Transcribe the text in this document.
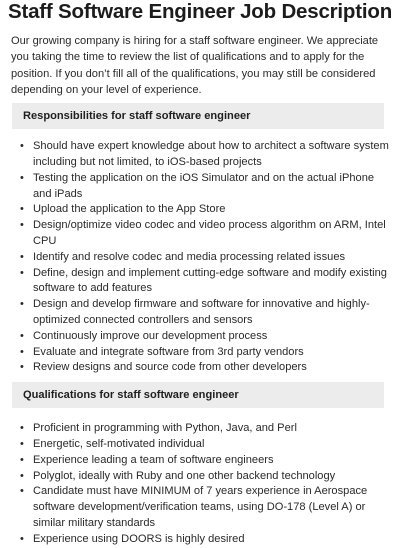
Staff Software Engineer Job Description

Our growing company is hiring for a staff software engineer. We appreciate you taking the time to review the list of qualifications and to apply for the position. If you don’t fill all of the qualifications, you may still be considered depending on your level of experience.

Responsibilities for staff software engineer
• Should have expert knowledge about how to architect a software system including but not limited, to iOS-based projects
• Testing the application on the iOS Simulator and on the actual iPhone and iPads
• Upload the application to the App Store
• Design/optimize video codec and video process algorithm on ARM, Intel CPU
• Identify and resolve codec and media processing related issues
• Define, design and implement cutting-edge software and modify existing software to add features
• Design and develop firmware and software for innovative and highly-optimized connected controllers and sensors
• Continuously improve our development process
• Evaluate and integrate software from 3rd party vendors
• Review designs and source code from other developers
Qualifications for staff software engineer
• Proficient in programming with Python, Java, and Perl
• Energetic, self-motivated individual
• Experience leading a team of software engineers
• Polyglot, ideally with Ruby and one other backend technology
• Candidate must have MINIMUM of 7 years experience in Aerospace software development/verification teams, using DO-178 (Level A) or similar military standards
• Experience using DOORS is highly desired
